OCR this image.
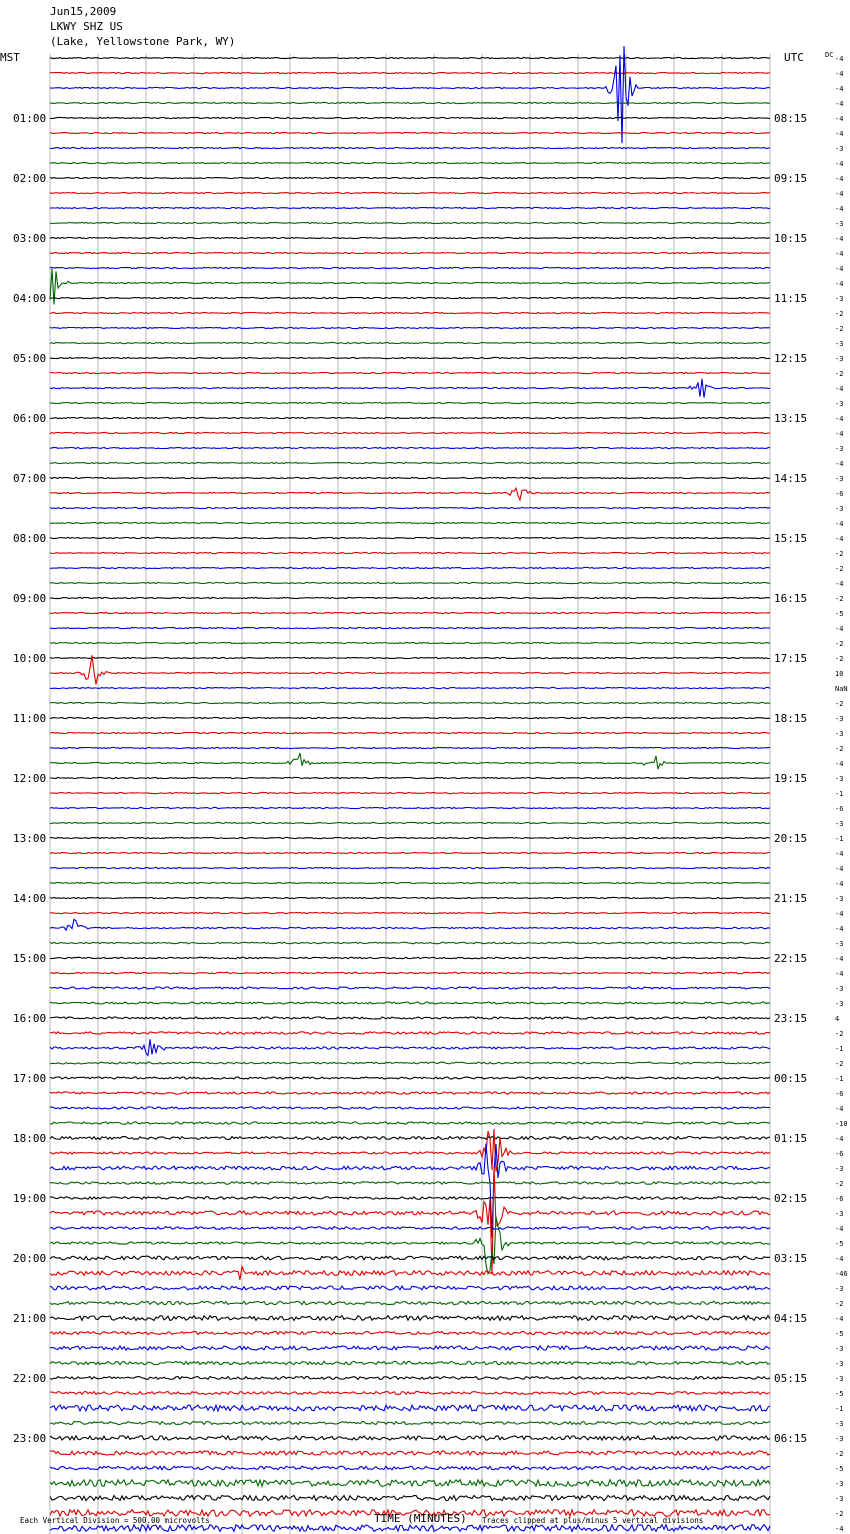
Jun15,2009
LKWY SHZ US
(Lake, Yellowstone Park, WY)
01:00
02:00
03:00
04:00
05:00
06:00
07:00
08:00
09:00
10:00
11:00
12:00
13:00
14:00
15:00
16:00
17:00
18:00
19:00
20:00
21:00
22:00
23:00
08:15
09:15
10:15
11:15
12:15
13:15
14:15
15:15
16:15
17:15
18:15
19:15
20:15
21:15
22:15
23:15
00:15
01:15
02:15
03:15
04:15
05:15
06:15
-4
-4
-4
-4
-4
-4
-3
-4
-4
-4
-4
-3
-4
-4
-4
-4
-3
-2
-2
-3
-3
-2
-4
-3
-4
-4
-3
-4
-3
-6
-3
-4
-4
-2
-2
-4
-2
-5
-4
-2
-2
10
NaN
-2
-3
-3
-2
-4
-3
-1
-6
-3
-1
-4
-4
-4
-3
-4
-4
-3
-4
-4
-3
-3
4
-2
-1
-2
-1
-6
-4
-10
-4
-6
-3
-2
-6
-3
-4
-5
-4
-46
-3
-2
-4
-5
-3
-3
-3
-5
-1
-3
-3
-2
-5
-3
-3
-2
-4
MST	UTC	DC
TIME (MINUTES)
Each Vertical Division = 500.00 microvolts	Traces clipped at plus/minus 5 vertical divisions
